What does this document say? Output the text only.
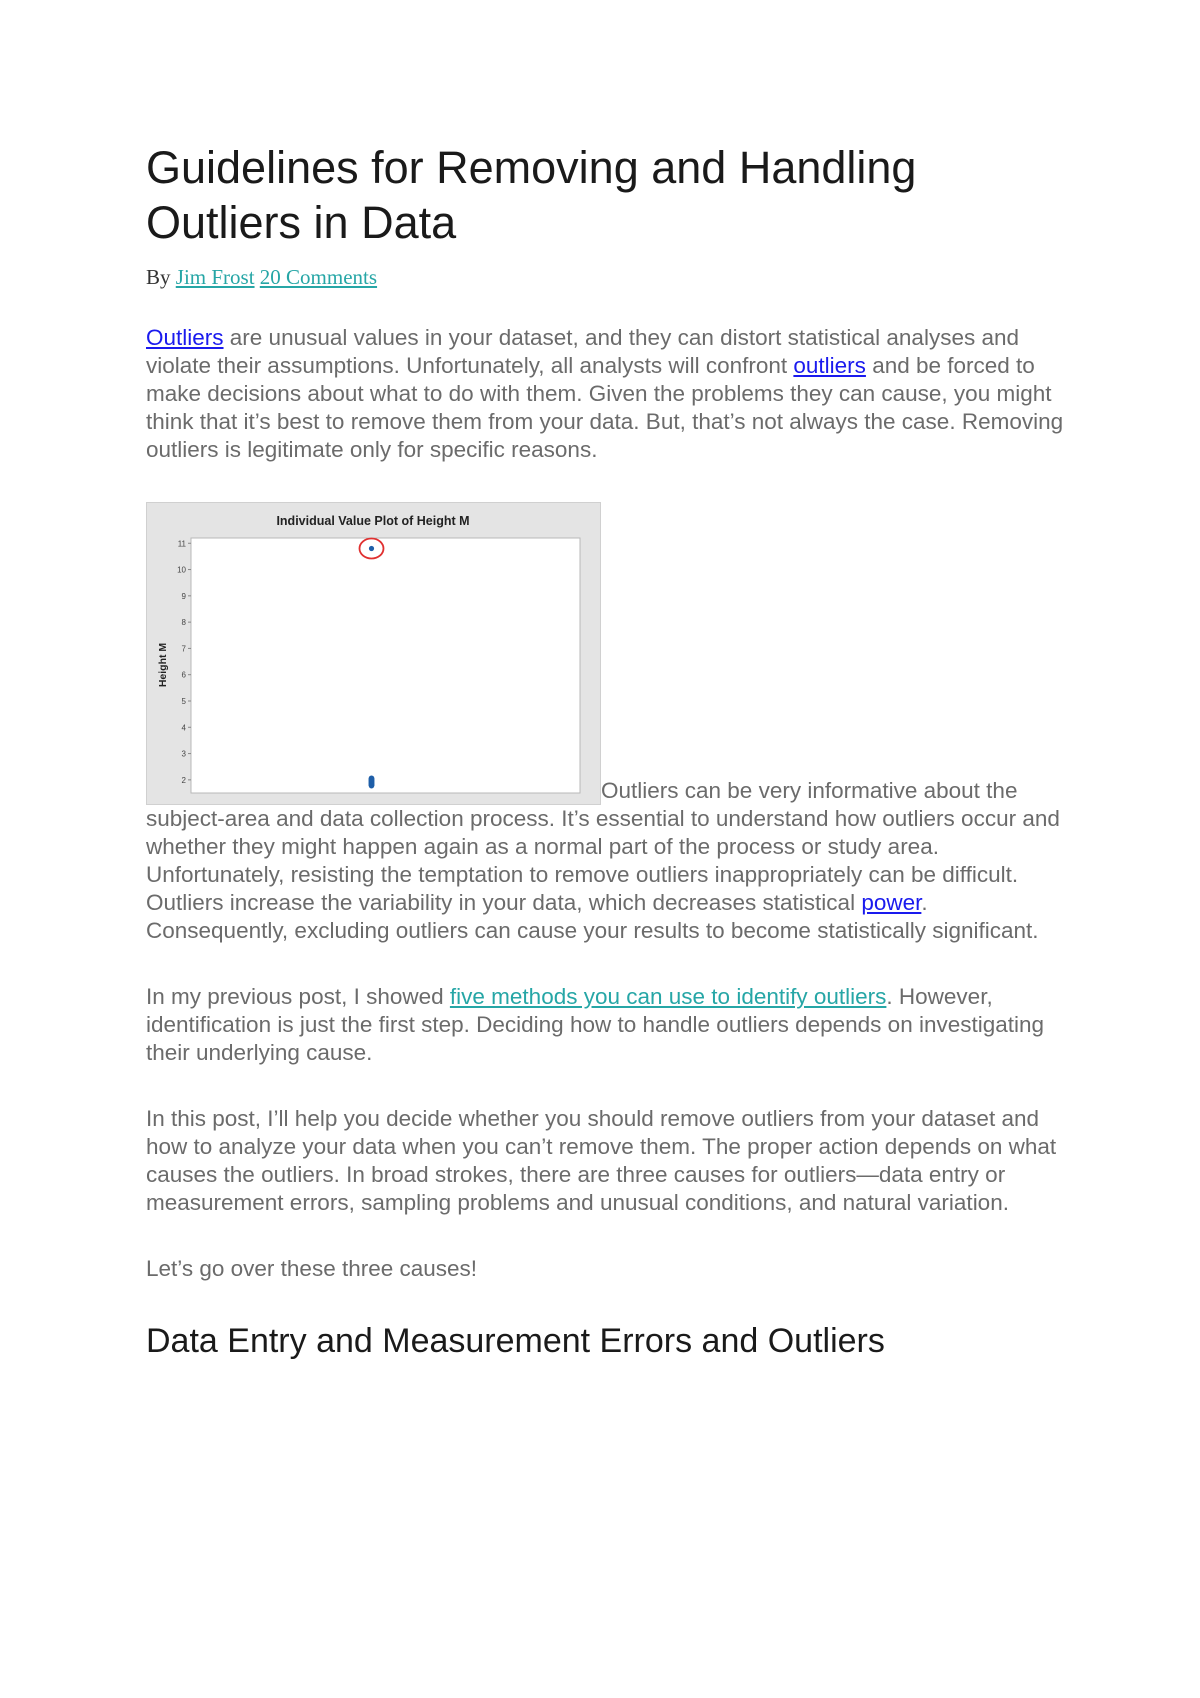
Guidelines for Removing and Handling
Outliers in Data
By Jim Frost 20 Comments

Outliers are unusual values in your dataset, and they can distort statistical analyses and violate their assumptions. Unfortunately, all analysts will confront outliers and be forced to make decisions about what to do with them. Given the problems they can cause, you might think that it’s best to remove them from your data. But, that’s not always the case. Removing outliers is legitimate only for specific reasons.

Individual Value Plot of Height M
Height M
2
3
4
5
6
7
8
9
10
11
Outliers can be very informative about the subject-area and data collection process. It’s essential to understand how outliers occur and whether they might happen again as a normal part of the process or study area. Unfortunately, resisting the temptation to remove outliers inappropriately can be difficult. Outliers increase the variability in your data, which decreases statistical power. Consequently, excluding outliers can cause your results to become statistically significant.

In my previous post, I showed five methods you can use to identify outliers. However, identification is just the first step. Deciding how to handle outliers depends on investigating their underlying cause.

In this post, I’ll help you decide whether you should remove outliers from your dataset and how to analyze your data when you can’t remove them. The proper action depends on what causes the outliers. In broad strokes, there are three causes for outliers—data entry or measurement errors, sampling problems and unusual conditions, and natural variation.

Let’s go over these three causes!

Data Entry and Measurement Errors and Outliers
